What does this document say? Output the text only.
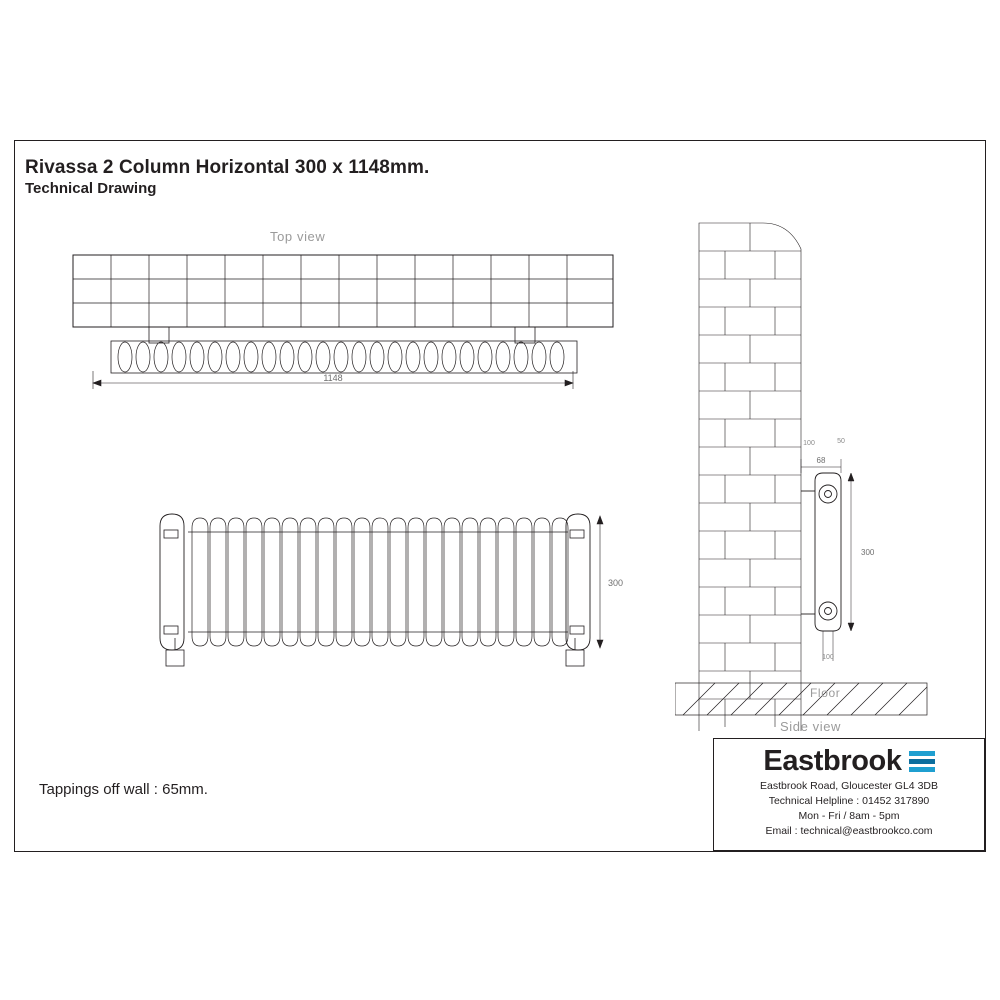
Rivassa 2 Column Horizontal 300 x 1148mm.
Technical Drawing
Top view
1148
300
68
300
100	50
100
Floor
Side view
Tappings off wall : 65mm.
Eastbrook
Eastbrook Road, Gloucester GL4 3DB
Technical Helpline : 01452 317890
Mon - Fri / 8am - 5pm
Email : technical@eastbrookco.com
